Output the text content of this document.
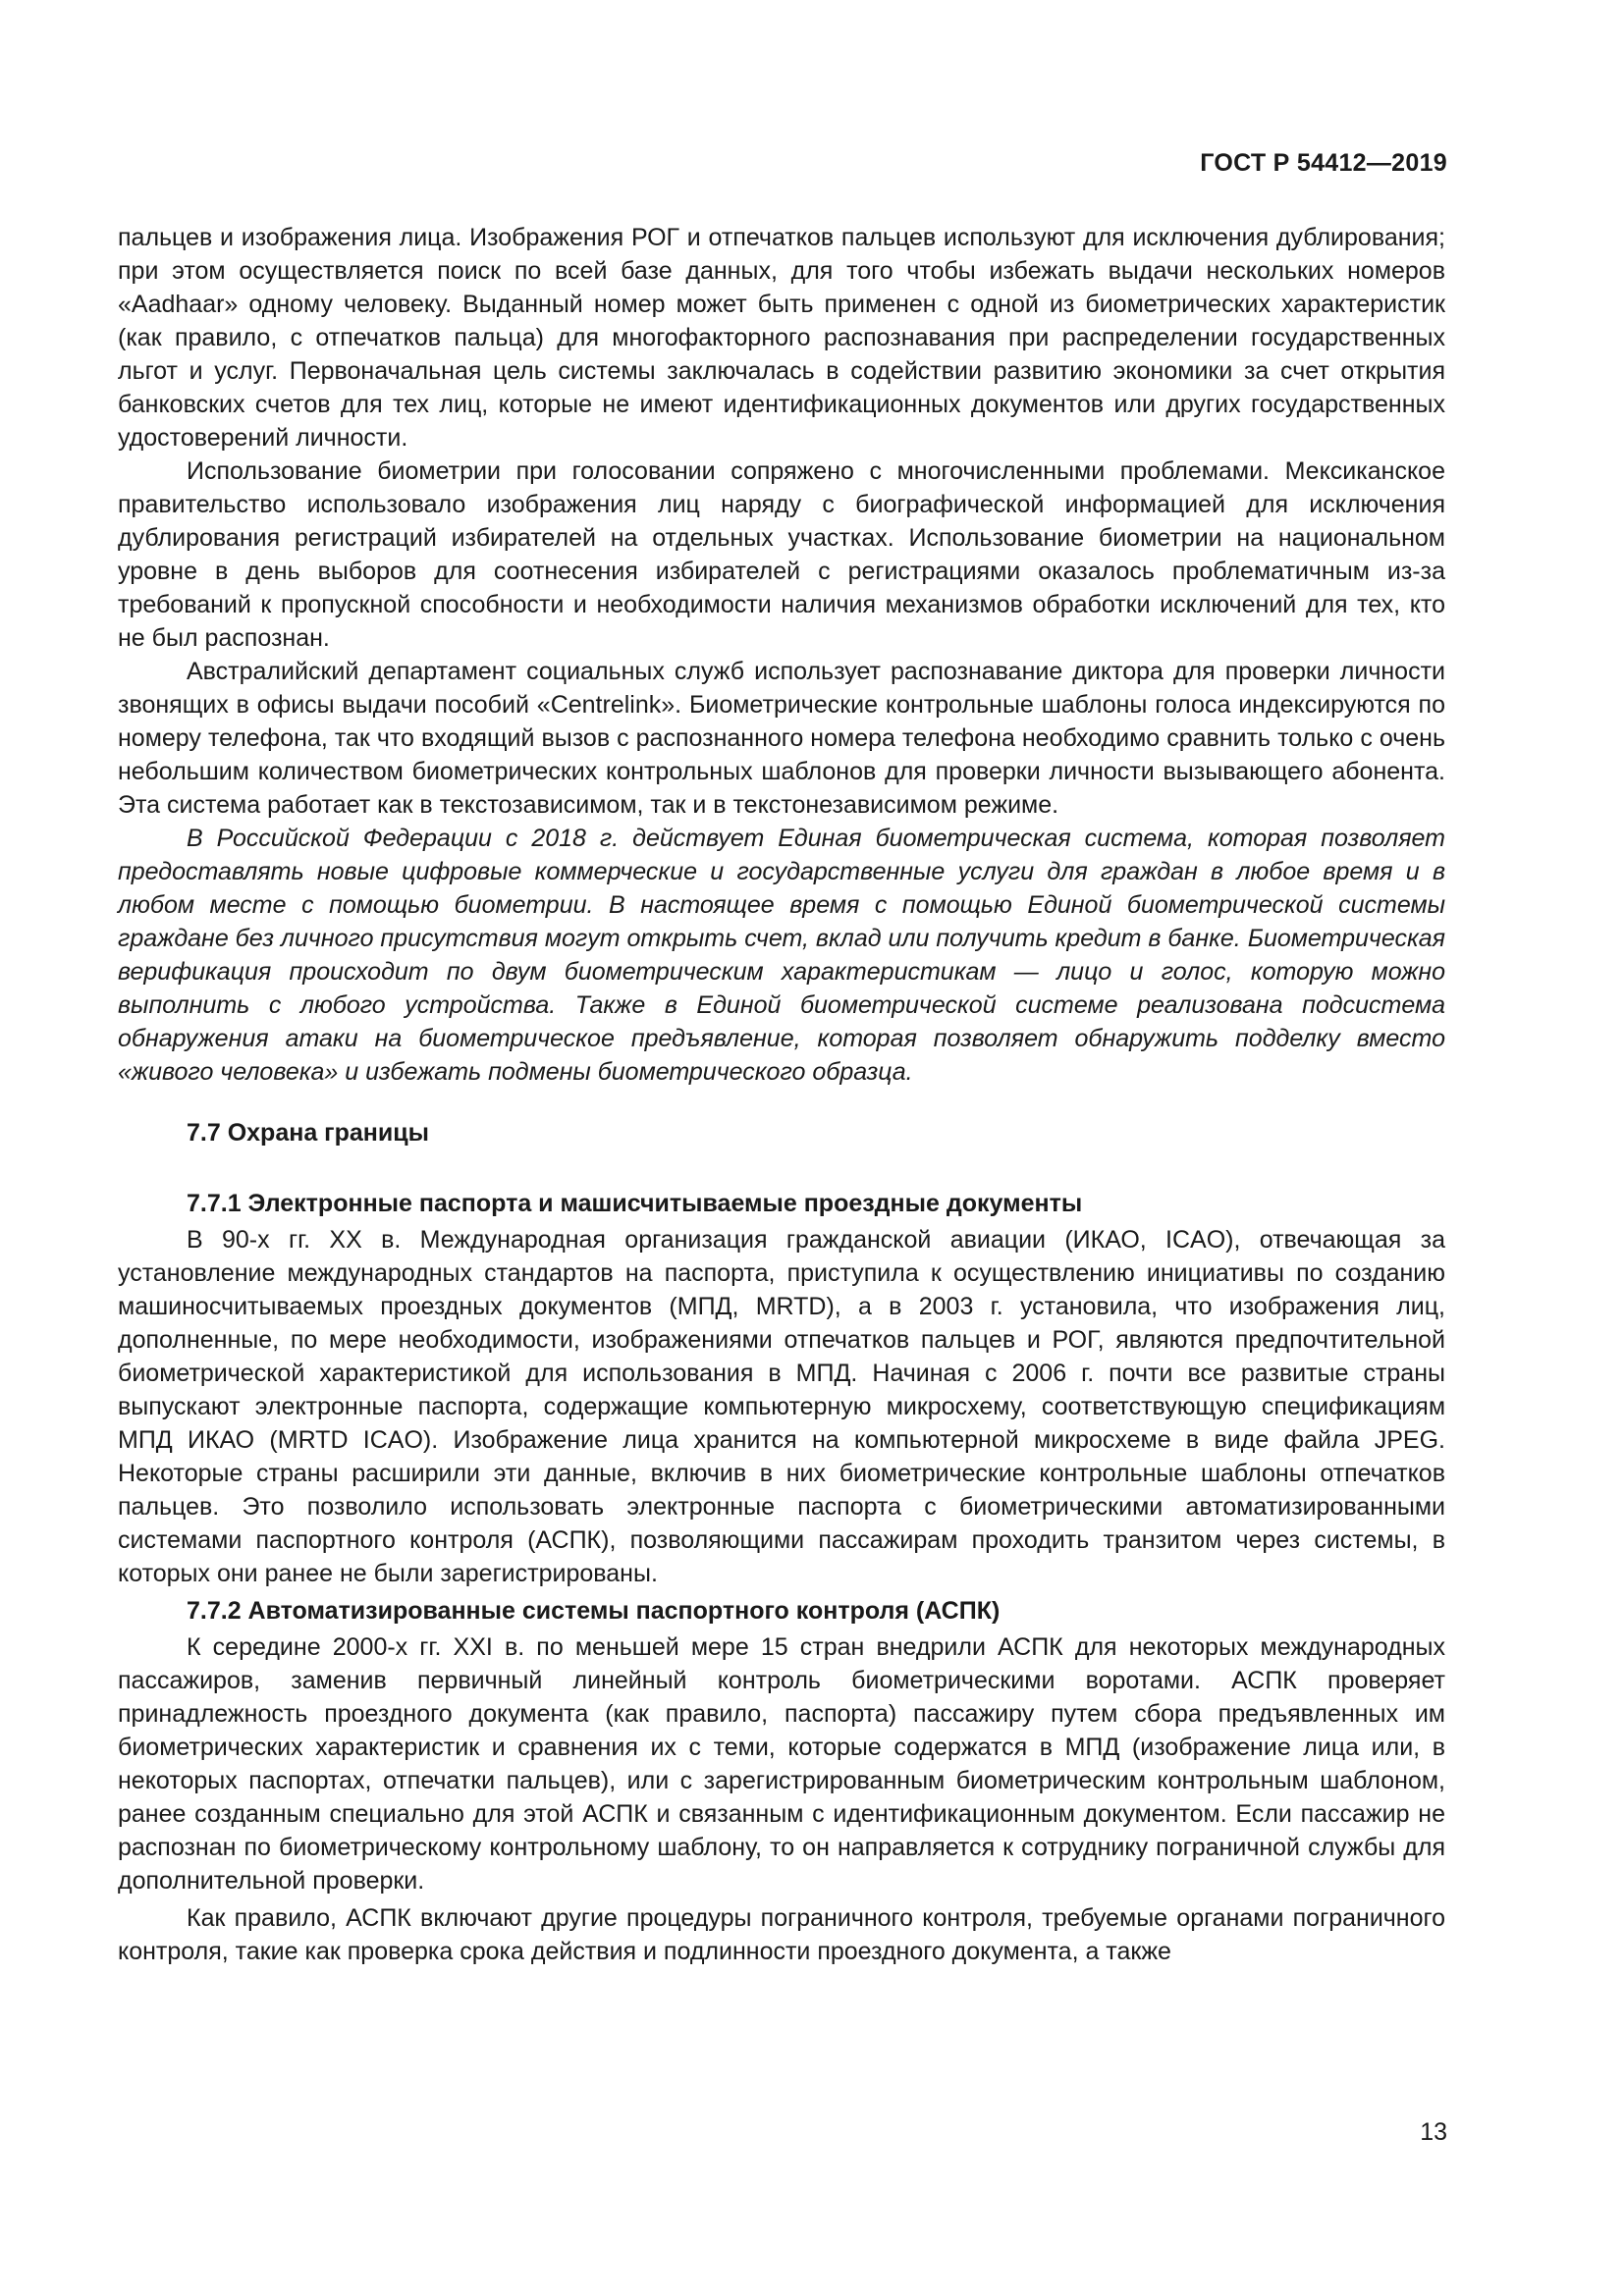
ГОСТ Р 54412—2019

пальцев и изображения лица. Изображения РОГ и отпечатков пальцев используют для исключения дублирования; при этом осуществляется поиск по всей базе данных, для того чтобы избежать выдачи нескольких номеров «Aadhaar» одному человеку. Выданный номер может быть применен с одной из биометрических характеристик (как правило, с отпечатков пальца) для многофакторного распознавания при распределении государственных льгот и услуг. Первоначальная цель системы заключалась в содействии развитию экономики за счет открытия банковских счетов для тех лиц, которые не имеют идентификационных документов или других государственных удостоверений личности.

Использование биометрии при голосовании сопряжено с многочисленными проблемами. Мексиканское правительство использовало изображения лиц наряду с биографической информацией для исключения дублирования регистраций избирателей на отдельных участках. Использование биометрии на национальном уровне в день выборов для соотнесения избирателей с регистрациями оказалось проблематичным из-за требований к пропускной способности и необходимости наличия механизмов обработки исключений для тех, кто не был распознан.

Австралийский департамент социальных служб использует распознавание диктора для проверки личности звонящих в офисы выдачи пособий «Centrelink». Биометрические контрольные шаблоны голоса индексируются по номеру телефона, так что входящий вызов с распознанного номера телефона необходимо сравнить только с очень небольшим количеством биометрических контрольных шаблонов для проверки личности вызывающего абонента. Эта система работает как в текстозависимом, так и в текстонезависимом режиме.

В Российской Федерации с 2018 г. действует Единая биометрическая система, которая позволяет предоставлять новые цифровые коммерческие и государственные услуги для граждан в любое время и в любом месте с помощью биометрии. В настоящее время с помощью Единой биометрической системы граждане без личного присутствия могут открыть счет, вклад или получить кредит в банке. Биометрическая верификация происходит по двум биометрическим характеристикам — лицо и голос, которую можно выполнить с любого устройства. Также в Единой биометрической системе реализована подсистема обнаружения атаки на биометрическое предъявление, которая позволяет обнаружить подделку вместо «живого человека» и избежать подмены биометрического образца.

7.7 Охрана границы
7.7.1 Электронные паспорта и машисчитываемые проездные документы

В 90-х гг. XX в. Международная организация гражданской авиации (ИКАО, ICAO), отвечающая за установление международных стандартов на паспорта, приступила к осуществлению инициативы по созданию машиносчитываемых проездных документов (МПД, MRTD), а в 2003 г. установила, что изображения лиц, дополненные, по мере необходимости, изображениями отпечатков пальцев и РОГ, являются предпочтительной биометрической характеристикой для использования в МПД. Начиная с 2006 г. почти все развитые страны выпускают электронные паспорта, содержащие компьютерную микросхему, соответствующую спецификациям МПД ИКАО (MRTD ICAO). Изображение лица хранится на компьютерной микросхеме в виде файла JPEG. Некоторые страны расширили эти данные, включив в них биометрические контрольные шаблоны отпечатков пальцев. Это позволило использовать электронные паспорта с биометрическими автоматизированными системами паспортного контроля (АСПК), позволяющими пассажирам проходить транзитом через системы, в которых они ранее не были зарегистрированы.

7.7.2 Автоматизированные системы паспортного контроля (АСПК)

К середине 2000-х гг. XXI в. по меньшей мере 15 стран внедрили АСПК для некоторых международных пассажиров, заменив первичный линейный контроль биометрическими воротами. АСПК проверяет принадлежность проездного документа (как правило, паспорта) пассажиру путем сбора предъявленных им биометрических характеристик и сравнения их с теми, которые содержатся в МПД (изображение лица или, в некоторых паспортах, отпечатки пальцев), или с зарегистрированным биометрическим контрольным шаблоном, ранее созданным специально для этой АСПК и связанным с идентификационным документом. Если пассажир не распознан по биометрическому контрольному шаблону, то он направляется к сотруднику пограничной службы для дополнительной проверки.

Как правило, АСПК включают другие процедуры пограничного контроля, требуемые органами пограничного контроля, такие как проверка срока действия и подлинности проездного документа, а также

13
